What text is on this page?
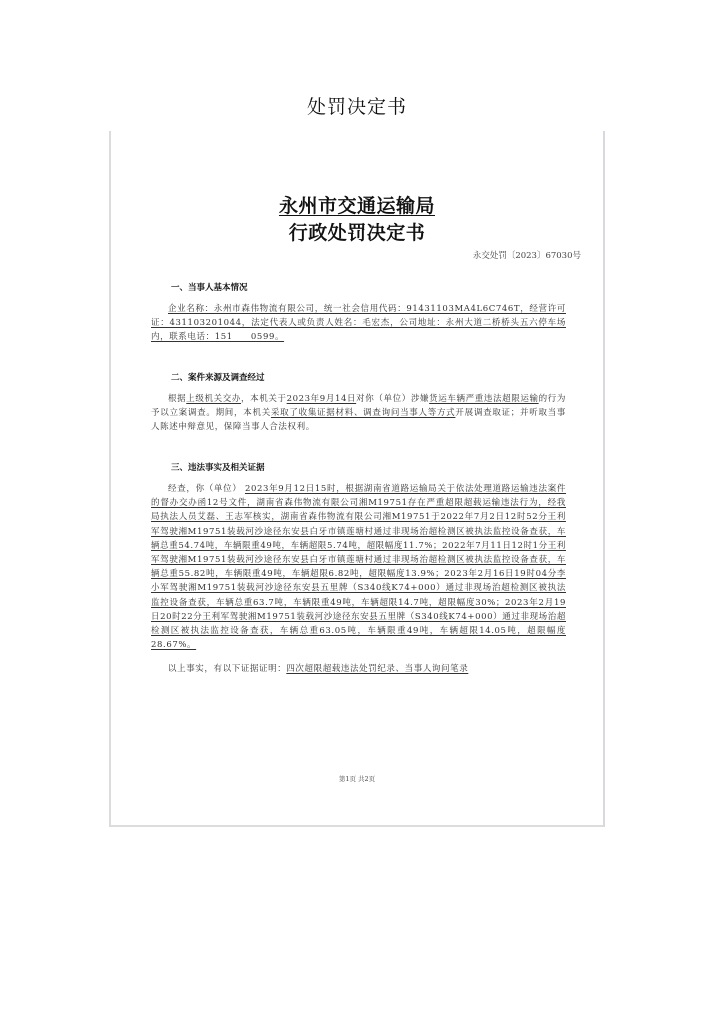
处罚决定书
永州市交通运输局
行政处罚决定书
永交处罚〔2023〕67030号
一、当事人基本情况
企业名称：永州市森伟物流有限公司，统一社会信用代码：91431103MA4L6C746T，经营许可证：431103201044，法定代表人或负责人姓名：毛宏杰，公司地址：永州大道二桥桥头五六停车场内，联系电话：151　　0599。
二、案件来源及调查经过
根据上级机关交办，本机关于2023年9月14日对你（单位）涉嫌货运车辆严重违法超限运输的行为予以立案调查。期间，本机关采取了收集证据材料、调查询问当事人等方式开展调查取证；并听取当事人陈述申辩意见，保障当事人合法权利。
三、违法事实及相关证据
经查，你（单位） 2023年9月12日15时，根据湖南省道路运输局关于依法处理道路运输违法案件的督办交办函12号文件，湖南省森伟物流有限公司湘M19751存在严重超限超载运输违法行为，经我局执法人员艾磊、王志军核实，湖南省森伟物流有限公司湘M19751于2022年7月2日12时52分王利军驾驶湘M19751装载河沙途径东安县白牙市镇莲塘村通过非现场治超检测区被执法监控设备查获，车辆总重54.74吨，车辆限重49吨，车辆超限5.74吨，超限幅度11.7%；2022年7月11日12时1分王利军驾驶湘M19751装载河沙途径东安县白牙市镇莲塘村通过非现场治超检测区被执法监控设备查获，车辆总重55.82吨，车辆限重49吨，车辆超限6.82吨，超限幅度13.9%；2023年2月16日19时04分李小军驾驶湘M19751装载河沙途径东安县五里牌（S340线K74+000）通过非现场治超检测区被执法监控设备查获，车辆总重63.7吨，车辆限重49吨，车辆超限14.7吨，超限幅度30%；2023年2月19日20时22分王利军驾驶湘M19751装载河沙途径东安县五里牌（S340线K74+000）通过非现场治超检测区被执法监控设备查获，车辆总重63.05吨，车辆限重49吨，车辆超限14.05吨，超限幅度28.67%。
以上事实，有以下证据证明：四次超限超载违法处罚纪录、当事人询问笔录
第1页 共2页
